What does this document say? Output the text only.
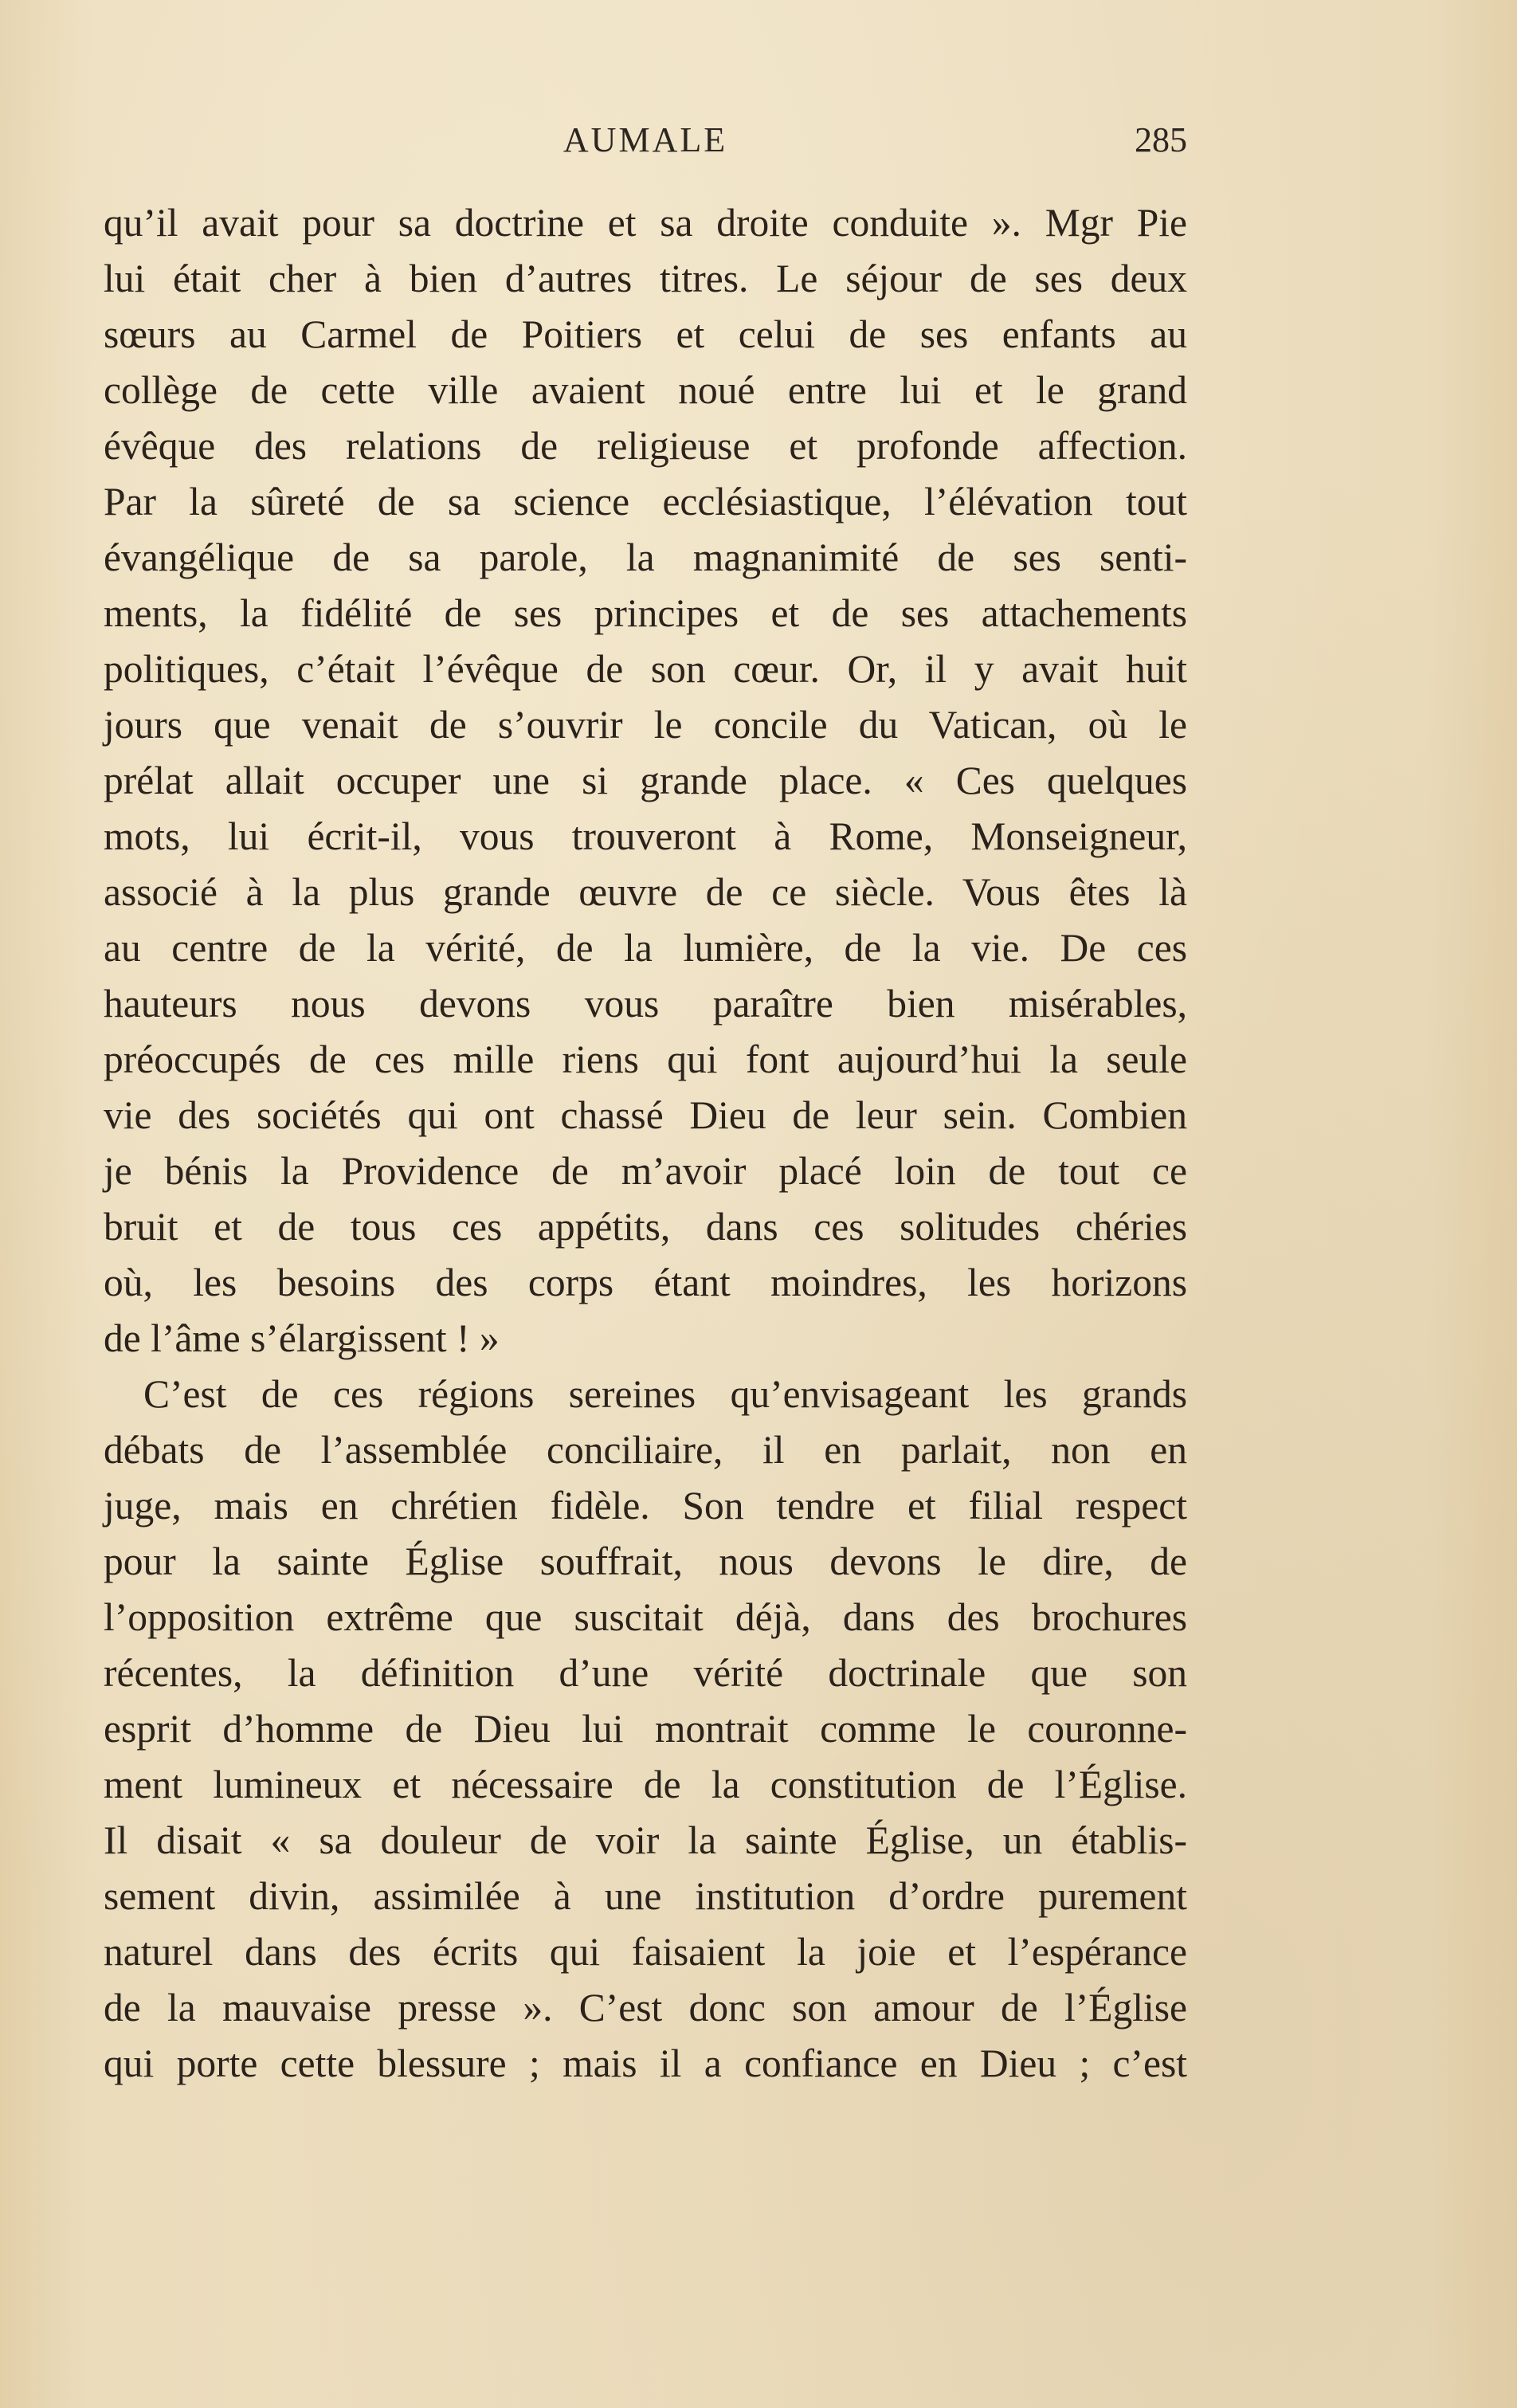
AUMALE	285
qu’il avait pour sa doctrine et sa droite conduite ». Mgr Pie
lui était cher à bien d’autres titres. Le séjour de ses deux
sœurs au Carmel de Poitiers et celui de ses enfants au
collège de cette ville avaient noué entre lui et le grand
évêque des relations de religieuse et profonde affection.
Par la sûreté de sa science ecclésiastique, l’élévation tout
évangélique de sa parole, la magnanimité de ses senti-
ments, la fidélité de ses principes et de ses attachements
politiques, c’était l’évêque de son cœur. Or, il y avait huit
jours que venait de s’ouvrir le concile du Vatican, où le
prélat allait occuper une si grande place. « Ces quelques
mots, lui écrit-il, vous trouveront à Rome, Monseigneur,
associé à la plus grande œuvre de ce siècle. Vous êtes là
au centre de la vérité, de la lumière, de la vie. De ces
hauteurs nous devons vous paraître bien misérables,
préoccupés de ces mille riens qui font aujourd’hui la seule
vie des sociétés qui ont chassé Dieu de leur sein. Combien
je bénis la Providence de m’avoir placé loin de tout ce
bruit et de tous ces appétits, dans ces solitudes chéries
où, les besoins des corps étant moindres, les horizons
de l’âme s’élargissent ! »
C’est de ces régions sereines qu’envisageant les grands
débats de l’assemblée conciliaire, il en parlait, non en
juge, mais en chrétien fidèle. Son tendre et filial respect
pour la sainte Église souffrait, nous devons le dire, de
l’opposition extrême que suscitait déjà, dans des brochures
récentes, la définition d’une vérité doctrinale que son
esprit d’homme de Dieu lui montrait comme le couronne-
ment lumineux et nécessaire de la constitution de l’Église.
Il disait « sa douleur de voir la sainte Église, un établis-
sement divin, assimilée à une institution d’ordre purement
naturel dans des écrits qui faisaient la joie et l’espérance
de la mauvaise presse ». C’est donc son amour de l’Église
qui porte cette blessure ; mais il a confiance en Dieu ; c’est
